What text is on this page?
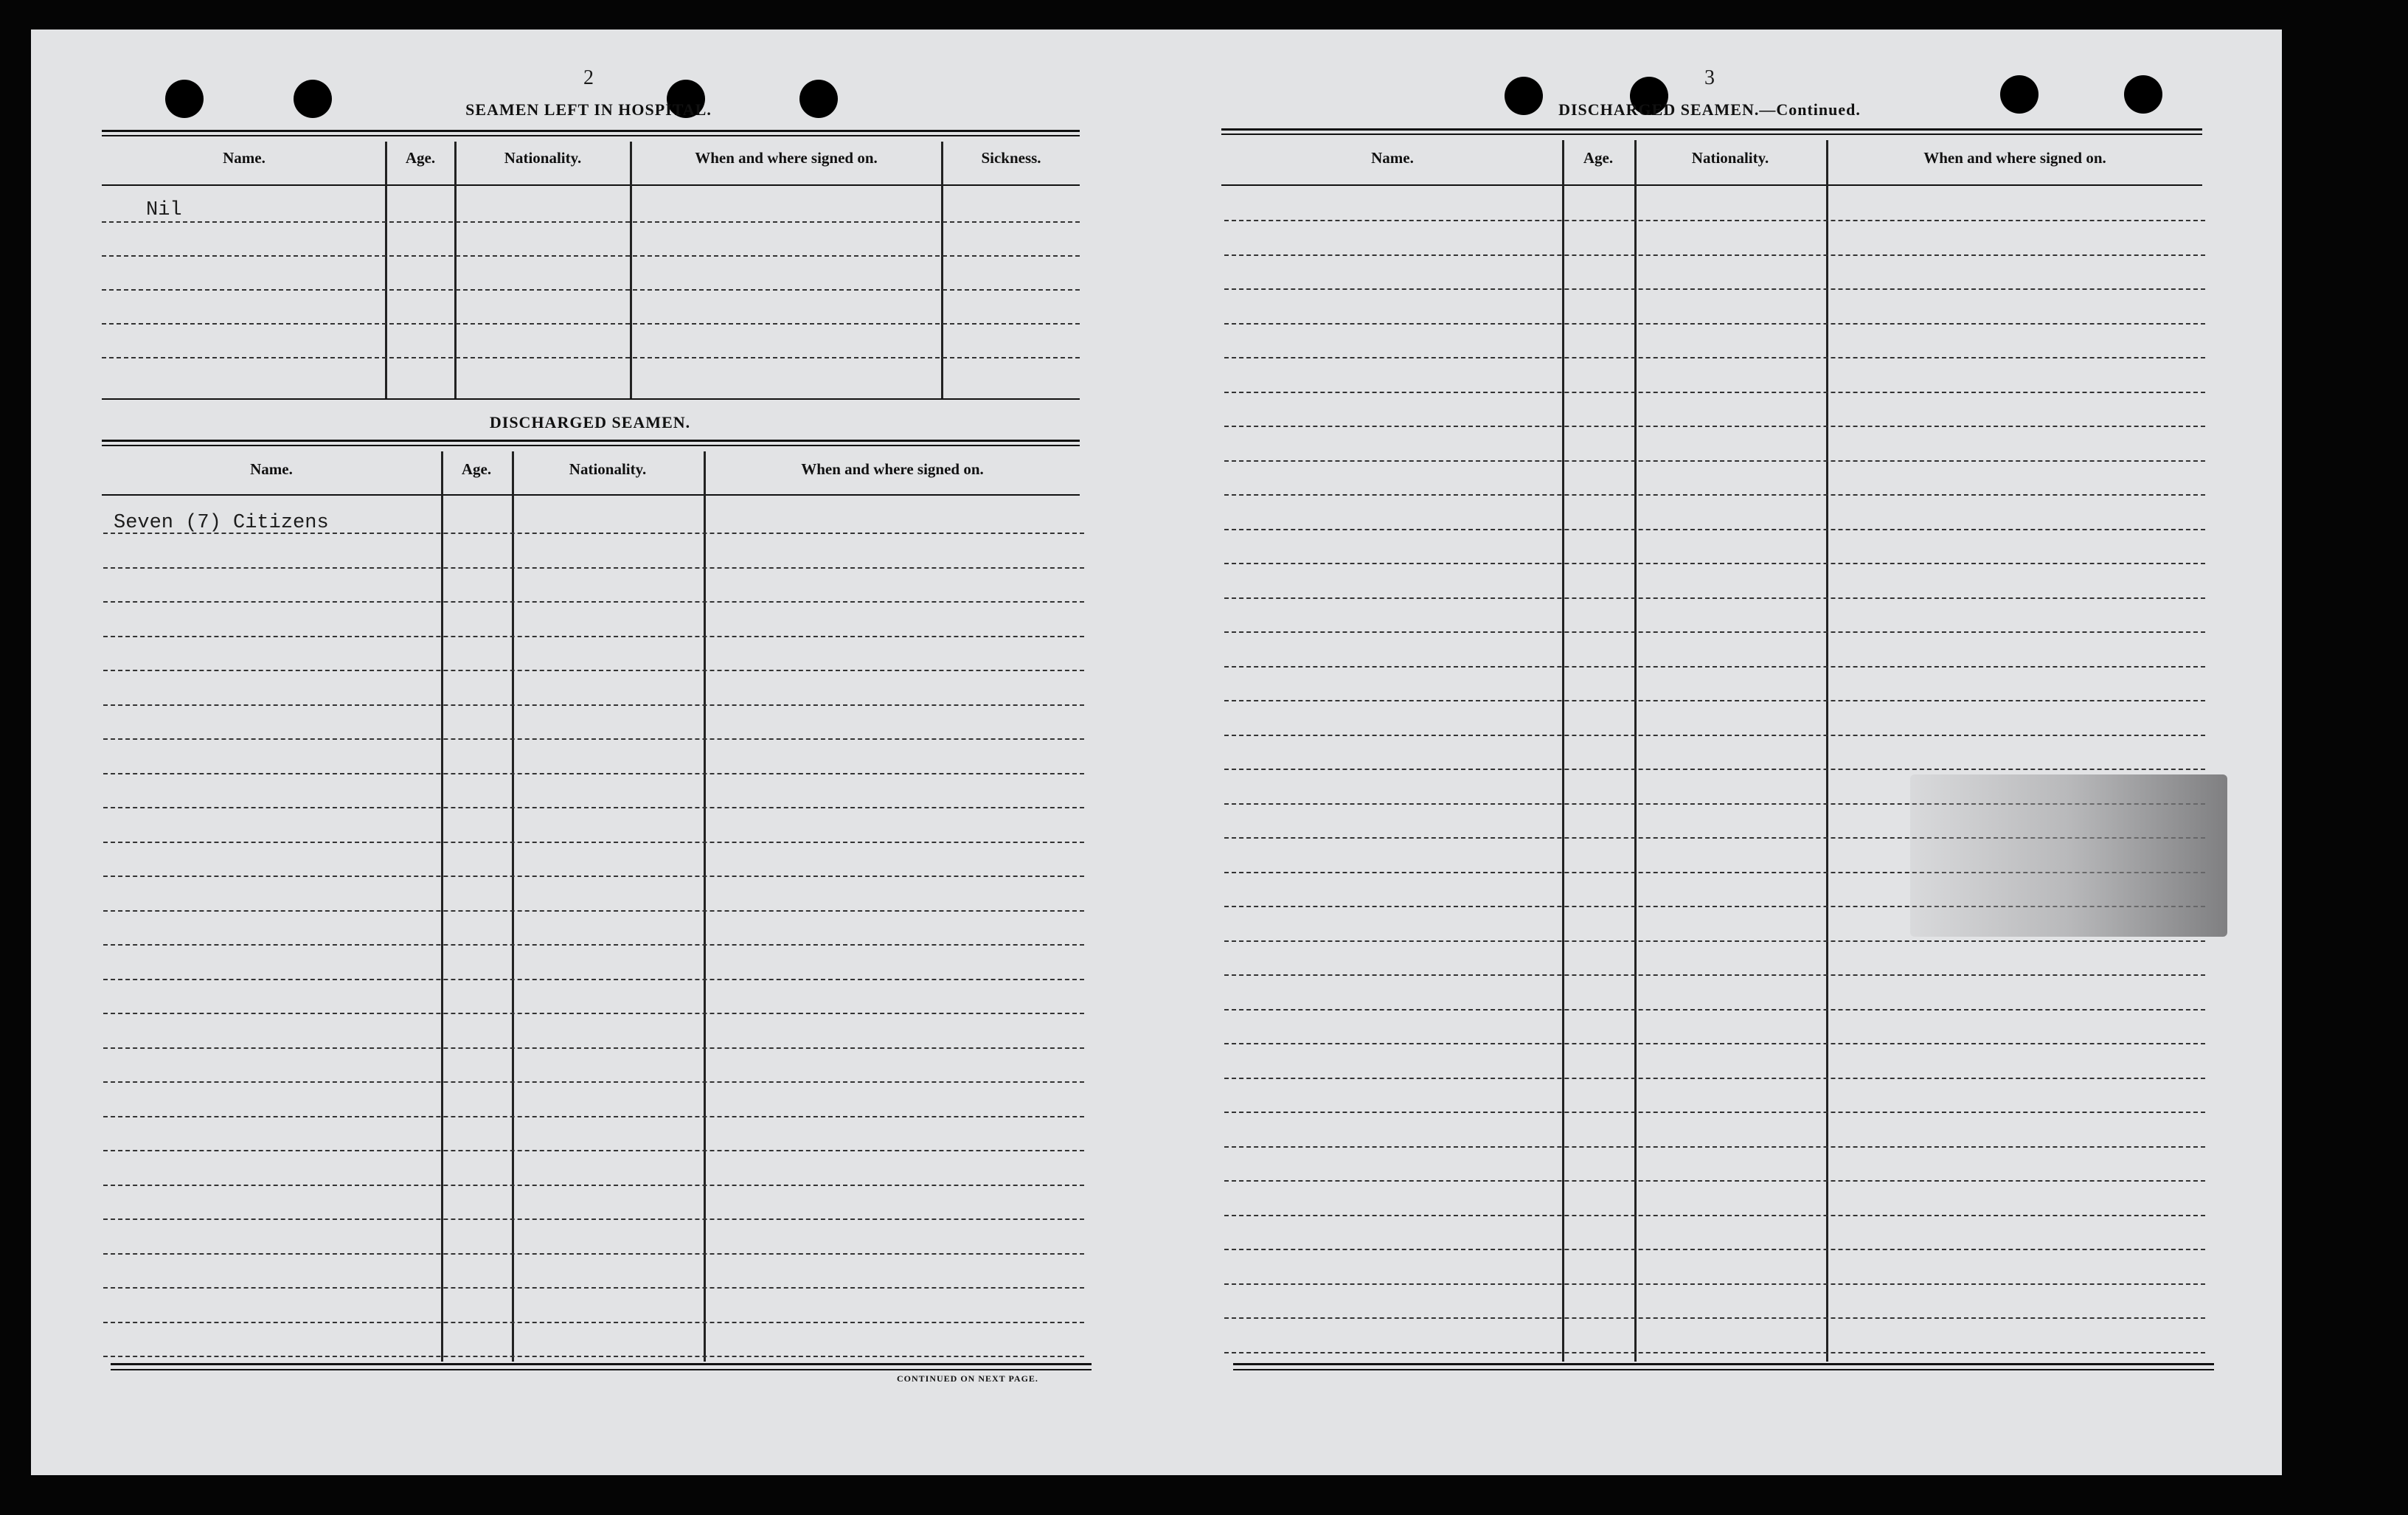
2
SEAMEN LEFT IN HOSPITAL.
Name.	Age.	Nationality.	When and where signed on.	Sickness.
Nil
DISCHARGED SEAMEN.
Name.	Age.	Nationality.	When and where signed on.
Seven (7) Citizens
CONTINUED ON NEXT PAGE.
3
DISCHARGED SEAMEN.—Continued.
Name.	Age.	Nationality.	When and where signed on.
